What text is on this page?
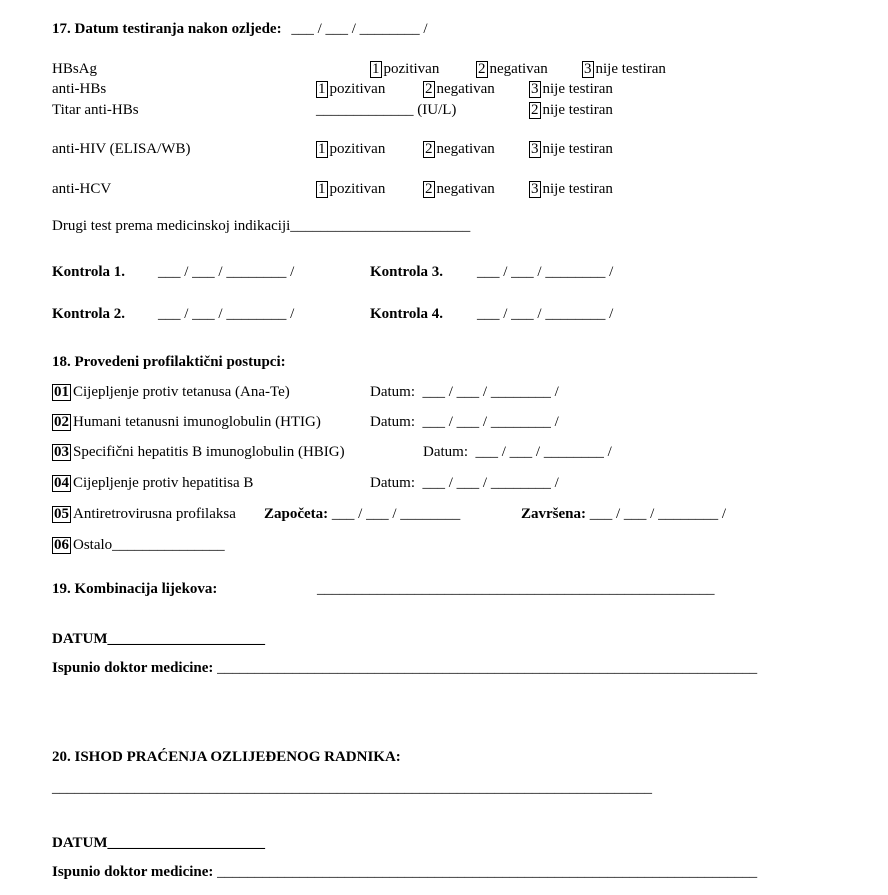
17. Datum testiranja nakon ozljede: ___ / ___ / ________ /
HBsAg	1 pozitivan	2 negativan 3 nije testiran
anti-HBs	1 pozitivan	2 negativan 3 nije testiran
Titar anti-HBs	_____________ (IU/L)	2 nije testiran
anti-HIV (ELISA/WB)	1 pozitivan	2 negativan 3 nije testiran
anti-HCV	1 pozitivan	2 negativan 3 nije testiran
Drugi test prema medicinskoj indikaciji________________________
Kontrola 1. ___ / ___ / ________ /	Kontrola 3. ___ / ___ / ________ /
Kontrola 2. ___ / ___ / ________ /	Kontrola 4. ___ / ___ / ________ /
18. Provedeni profilaktični postupci:
01 Cijepljenje protiv tetanusa (Ana-Te)	Datum: ___ / ___ / ________ /
02 Humani tetanusni imunoglobulin (HTIG)	Datum: ___ / ___ / ________ /
03 Specifični hepatitis B imunoglobulin (HBIG)	Datum: ___ / ___ / ________ /
04 Cijepljenje protiv hepatitisa B	Datum: ___ / ___ / ________ /
05 Antiretrovirusna profilaksa Započeta: ___ / ___ / ________	Završena: ___ / ___ / ________ /
06 Ostalo_______________
19. Kombinacija lijekova:	_____________________________________________________
DATUM_____________________
Ispunio doktor medicine: ________________________________________________________________________
20. ISHOD PRAĆENJA OZLIJEĐENOG RADNIKA:
________________________________________________________________________________
DATUM_____________________
Ispunio doktor medicine: ________________________________________________________________________
